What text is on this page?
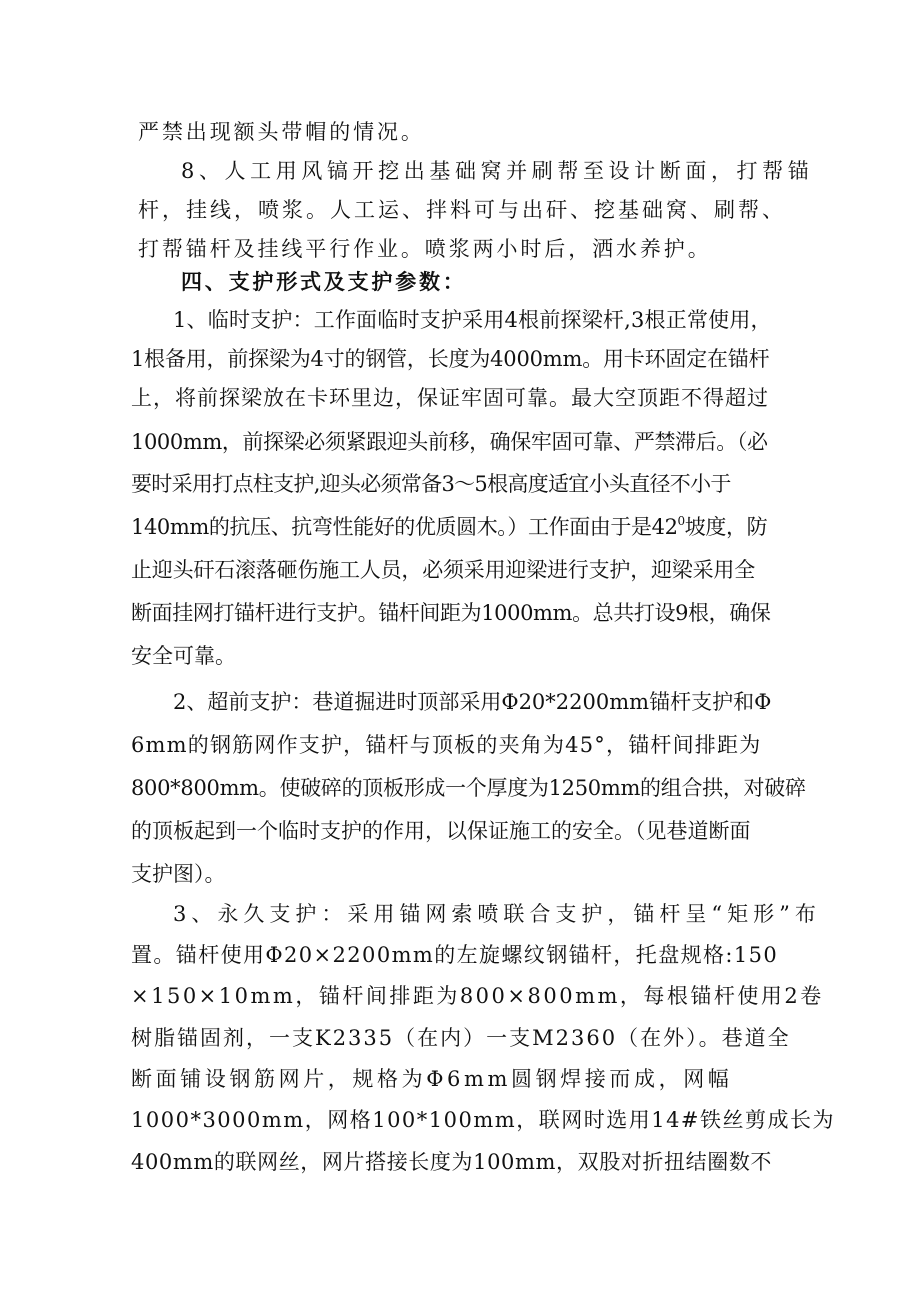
严禁出现额头带帽的情况。
8、人工用风镐开挖出基础窝并刷帮至设计断面，打帮锚
杆，挂线，喷浆。人工运、拌料可与出矸、挖基础窝、刷帮、
打帮锚杆及挂线平行作业。喷浆两小时后，洒水养护。
四、支护形式及支护参数：
1、临时支护：工作面临时支护采用4根前探梁杆,3根正常使用，
1根备用，前探梁为4寸的钢管，长度为4000mm。用卡环固定在锚杆
上，将前探梁放在卡环里边，保证牢固可靠。最大空顶距不得超过
1000mm，前探梁必须紧跟迎头前移，确保牢固可靠、严禁滞后。（必
要时采用打点柱支护,迎头必须常备3～5根高度适宜小头直径不小于
140mm的抗压、抗弯性能好的优质圆木。）工作面由于是$42^0$坡度，防
止迎头矸石滚落砸伤施工人员，必须采用迎梁进行支护，迎梁采用全
断面挂网打锚杆进行支护。锚杆间距为1000mm。总共打设9根，确保
安全可靠。
2、超前支护：巷道掘进时顶部采用Φ20*2200mm锚杆支护和Φ
6mm的钢筋网作支护，锚杆与顶板的夹角为45°，锚杆间排距为
800*800mm。使破碎的顶板形成一个厚度为1250mm的组合拱，对破碎
的顶板起到一个临时支护的作用，以保证施工的安全。（见巷道断面
支护图）。
3、永久支护：采用锚网索喷联合支护，锚杆呈“矩形”布
置。锚杆使用Φ20×2200mm的左旋螺纹钢锚杆，托盘规格:150
×150×10mm，锚杆间排距为800×800mm，每根锚杆使用2卷
树脂锚固剂，一支K2335（在内）一支M2360（在外）。巷道全
断面铺设钢筋网片，规格为Φ6mm圆钢焊接而成，网幅
1000*3000mm，网格100*100mm，联网时选用14#铁丝剪成长为
400mm的联网丝，网片搭接长度为100mm，双股对折扭结圈数不
